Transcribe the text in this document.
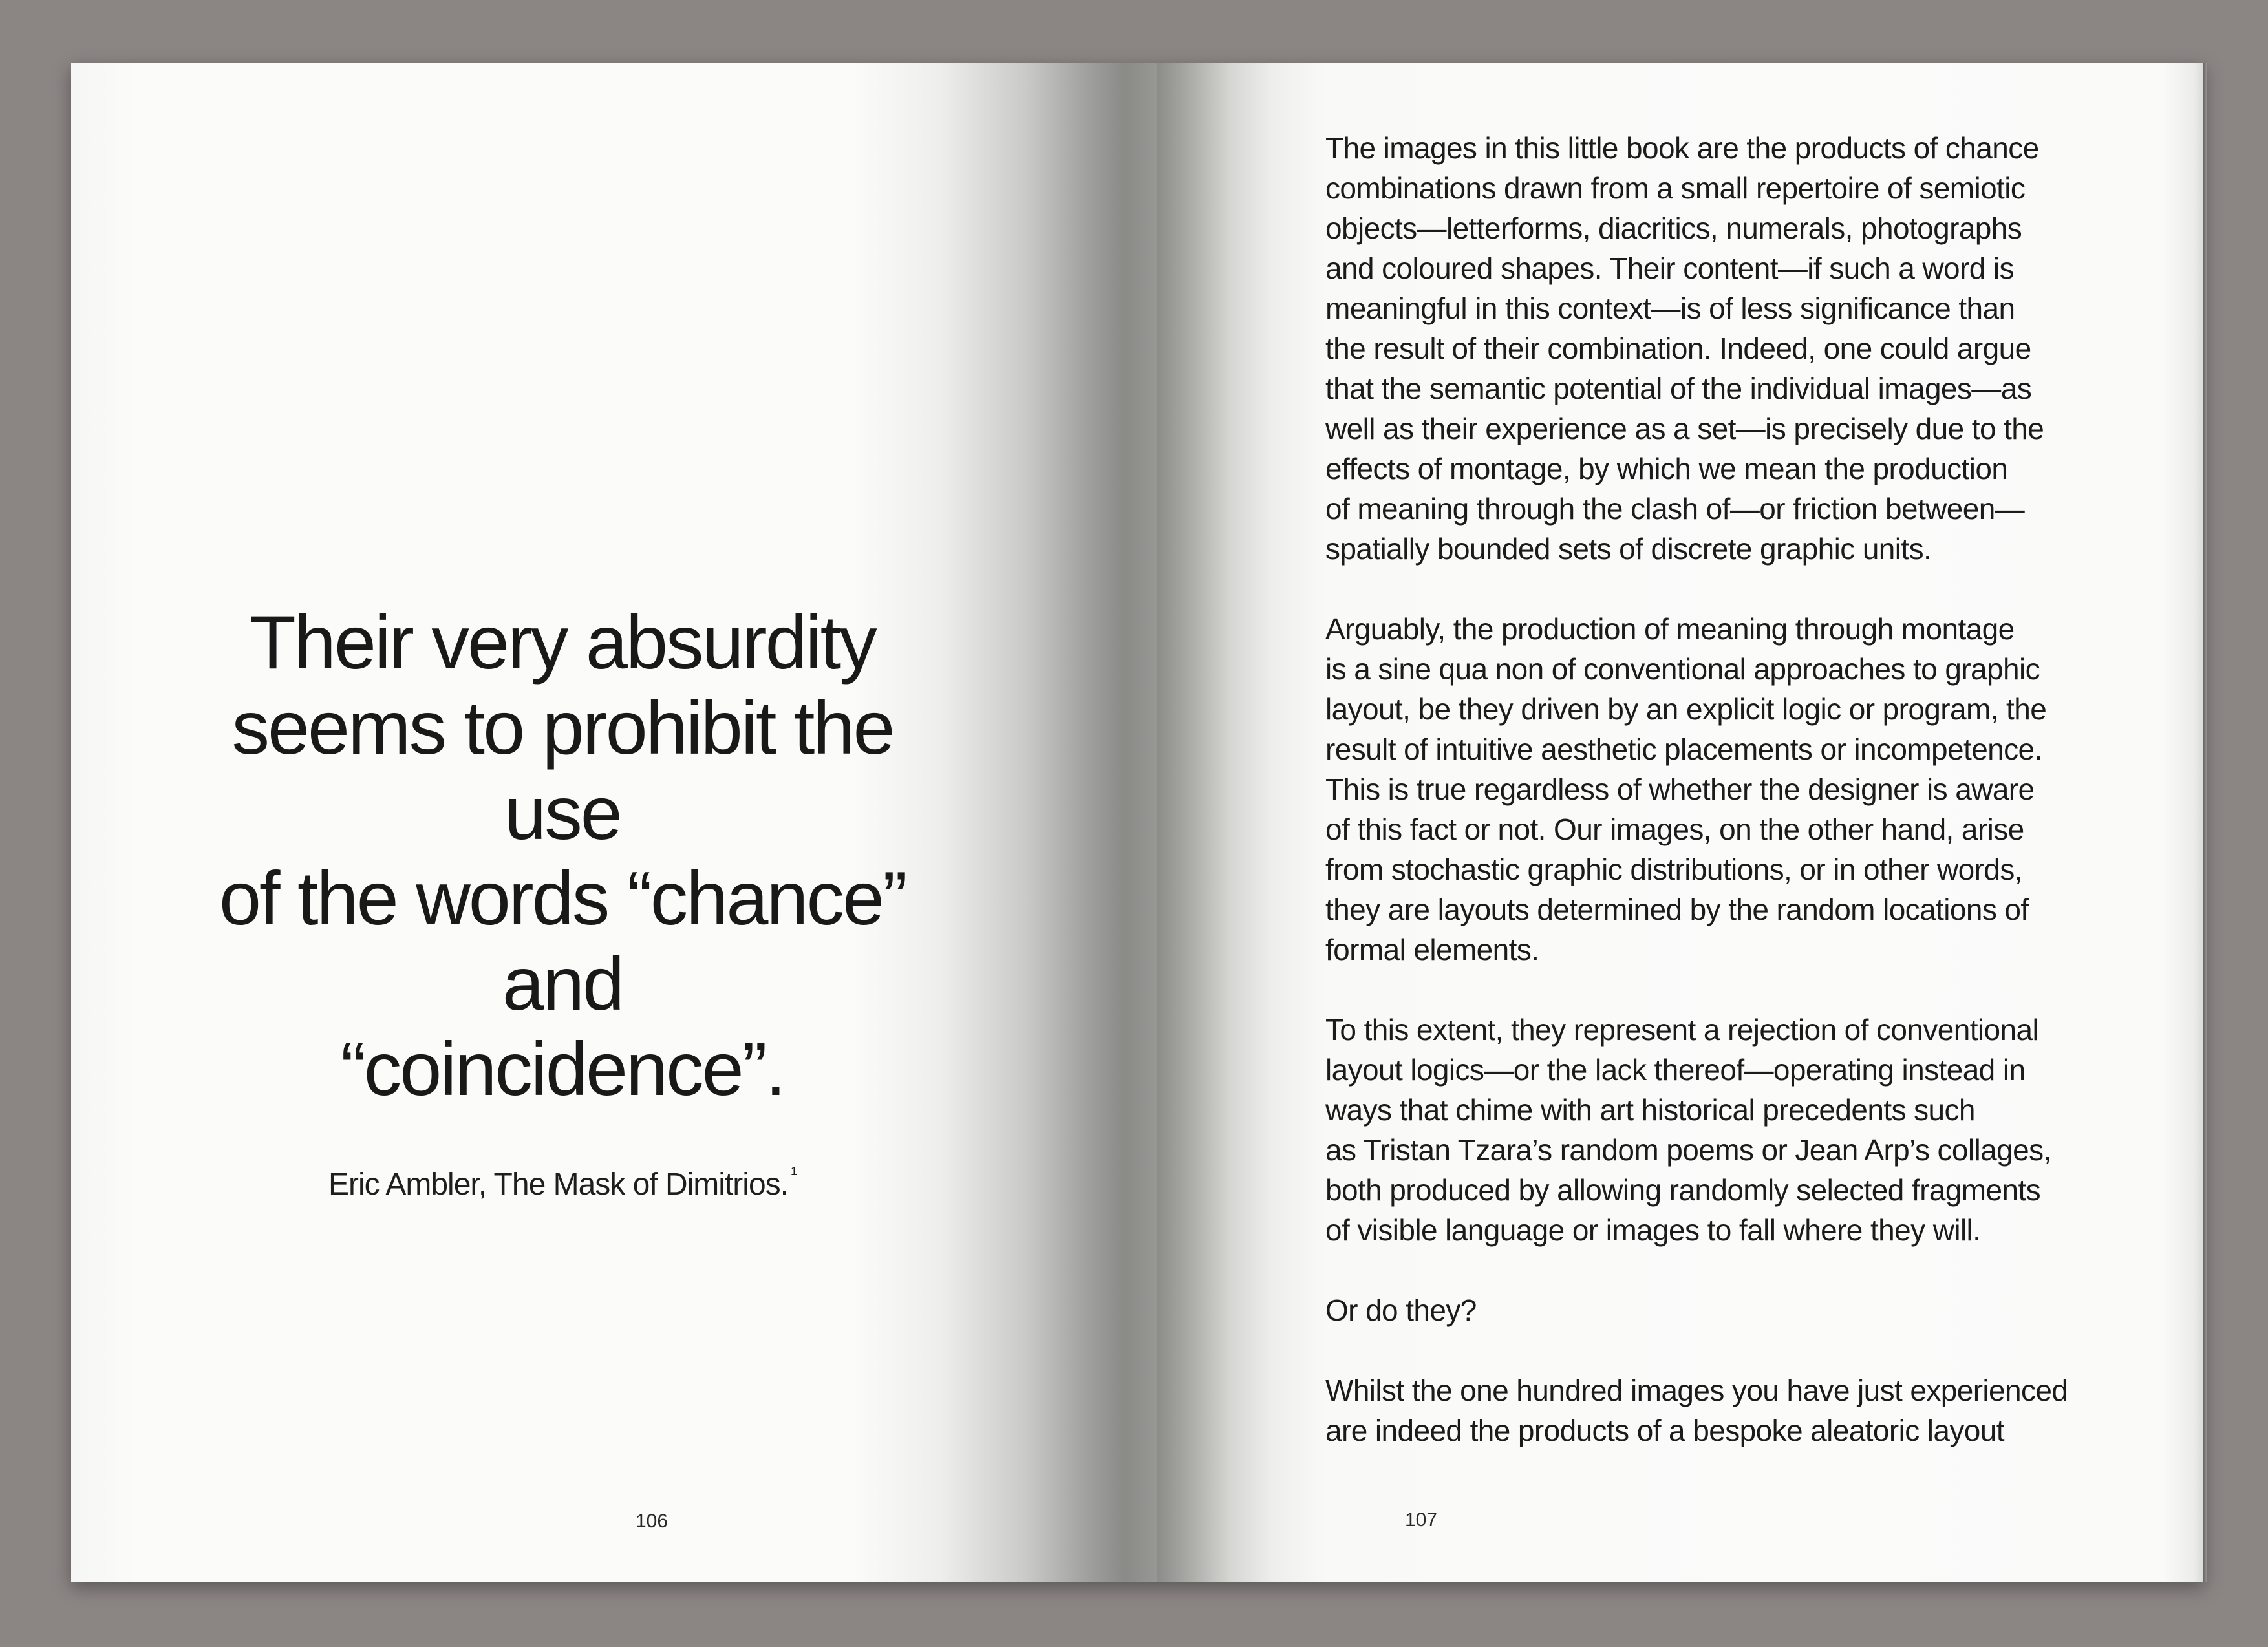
Their very absurdity
seems to prohibit the use
of the words “chance” and
“coincidence”.

Eric Ambler, The Mask of Dimitrios. $^1$

106
The images in this little book are the products of chance
combinations drawn from a small repertoire of semiotic
objects—letterforms, diacritics, numerals, photographs
and coloured shapes. Their content—if such a word is
meaningful in this context—is of less significance than
the result of their combination. Indeed, one could argue
that the semantic potential of the individual images—as
well as their experience as a set—is precisely due to the
effects of montage, by which we mean the production
of meaning through the clash of—or friction between—
spatially bounded sets of discrete graphic units.
Arguably, the production of meaning through montage
is a sine qua non of conventional approaches to graphic
layout, be they driven by an explicit logic or program, the
result of intuitive aesthetic placements or incompetence.
This is true regardless of whether the designer is aware
of this fact or not. Our images, on the other hand, arise
from stochastic graphic distributions, or in other words,
they are layouts determined by the random locations of
formal elements.
To this extent, they represent a rejection of conventional
layout logics—or the lack thereof—operating instead in
ways that chime with art historical precedents such
as Tristan Tzara’s random poems or Jean Arp’s collages,
both produced by allowing randomly selected fragments
of visible language or images to fall where they will.
Or do they?
Whilst the one hundred images you have just experienced
are indeed the products of a bespoke aleatoric layout
107
